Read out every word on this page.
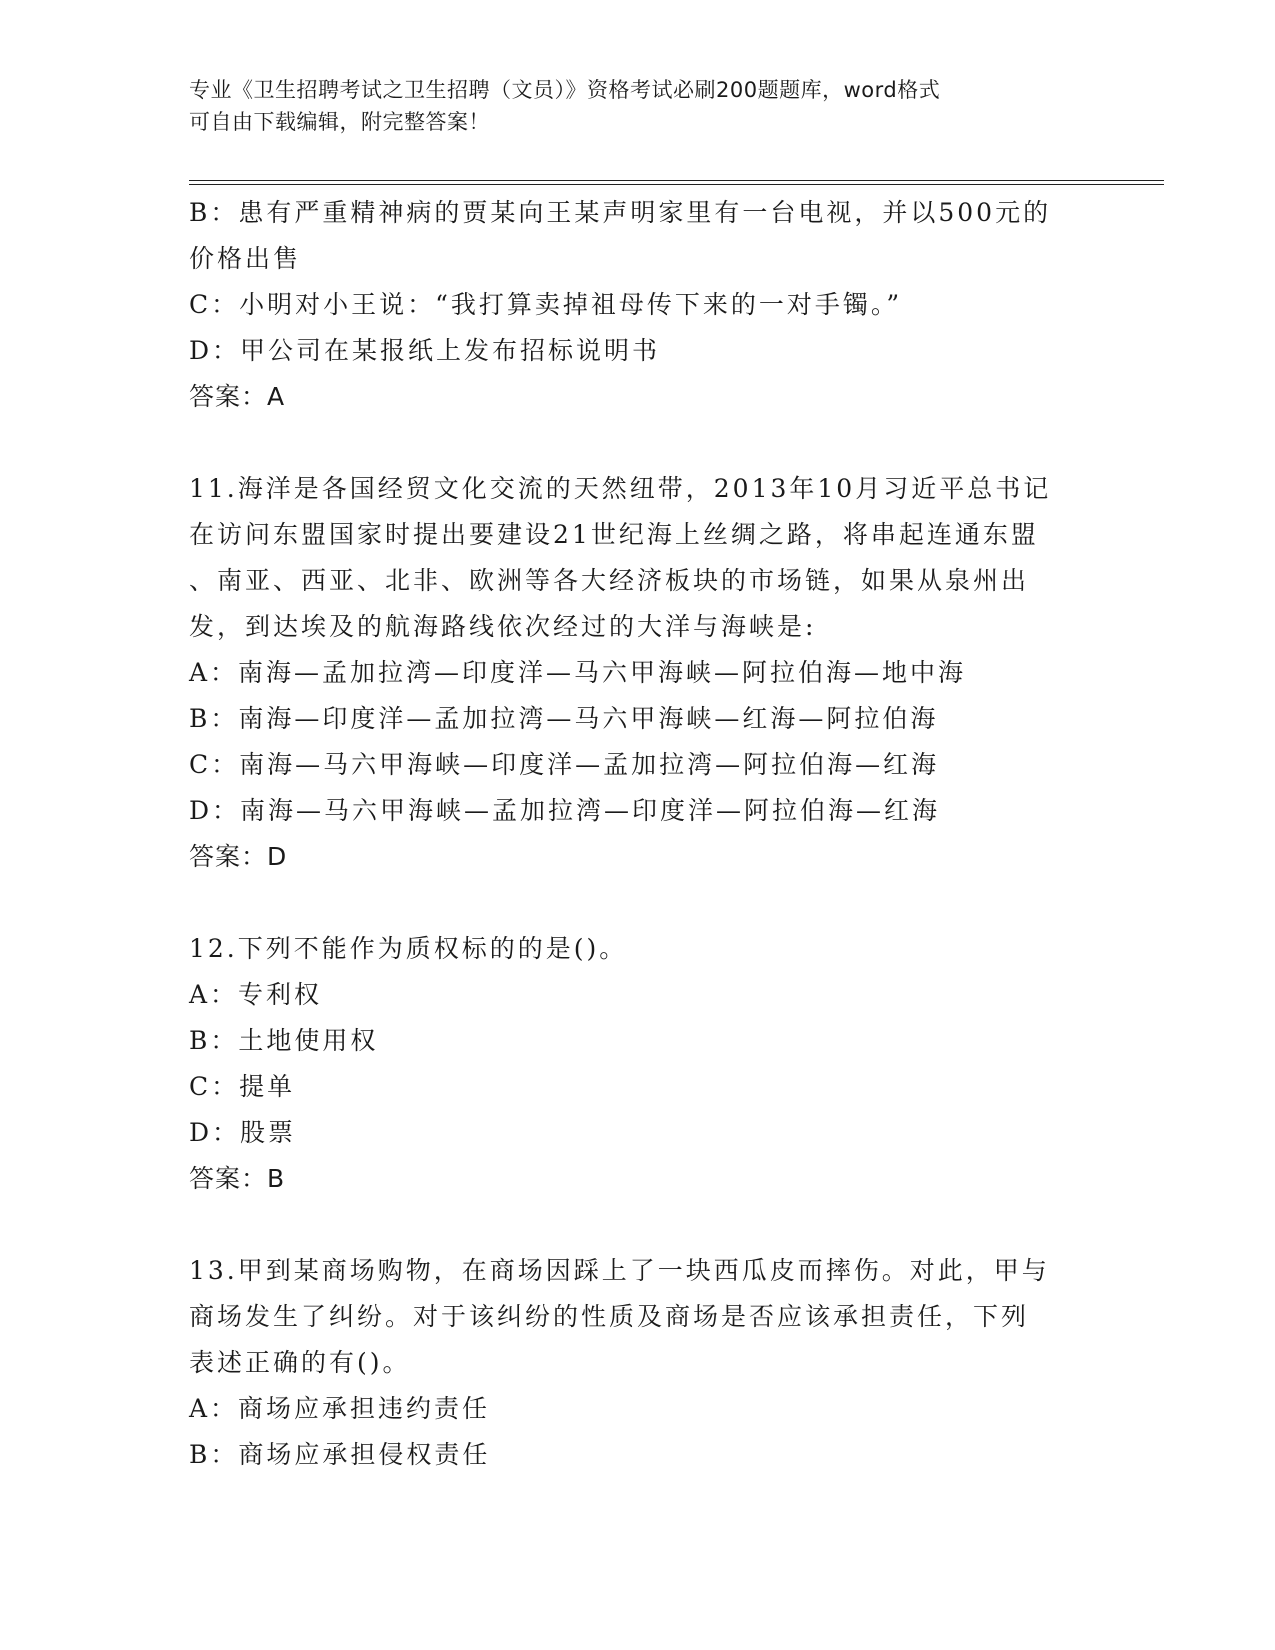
专业《卫生招聘考试之卫生招聘（文员）》资格考试必刷200题题库，word格式
可自由下载编辑，附完整答案！
B：患有严重精神病的贾某向王某声明家里有一台电视，并以500元的
价格出售
C：小明对小王说：“我打算卖掉祖母传下来的一对手镯。”
D：甲公司在某报纸上发布招标说明书
答案：A
11.海洋是各国经贸文化交流的天然纽带，2013年10月习近平总书记
在访问东盟国家时提出要建设21世纪海上丝绸之路，将串起连通东盟
、南亚、西亚、北非、欧洲等各大经济板块的市场链，如果从泉州出
发，到达埃及的航海路线依次经过的大洋与海峡是:
A：南海—孟加拉湾—印度洋—马六甲海峡—阿拉伯海—地中海
B：南海—印度洋—孟加拉湾—马六甲海峡—红海—阿拉伯海
C：南海—马六甲海峡—印度洋—孟加拉湾—阿拉伯海—红海
D：南海—马六甲海峡—孟加拉湾—印度洋—阿拉伯海—红海
答案：D
12.下列不能作为质权标的的是()。
A：专利权
B：土地使用权
C：提单
D：股票
答案：B
13.甲到某商场购物，在商场因踩上了一块西瓜皮而摔伤。对此，甲与
商场发生了纠纷。对于该纠纷的性质及商场是否应该承担责任，下列
表述正确的有()。
A：商场应承担违约责任
B：商场应承担侵权责任
